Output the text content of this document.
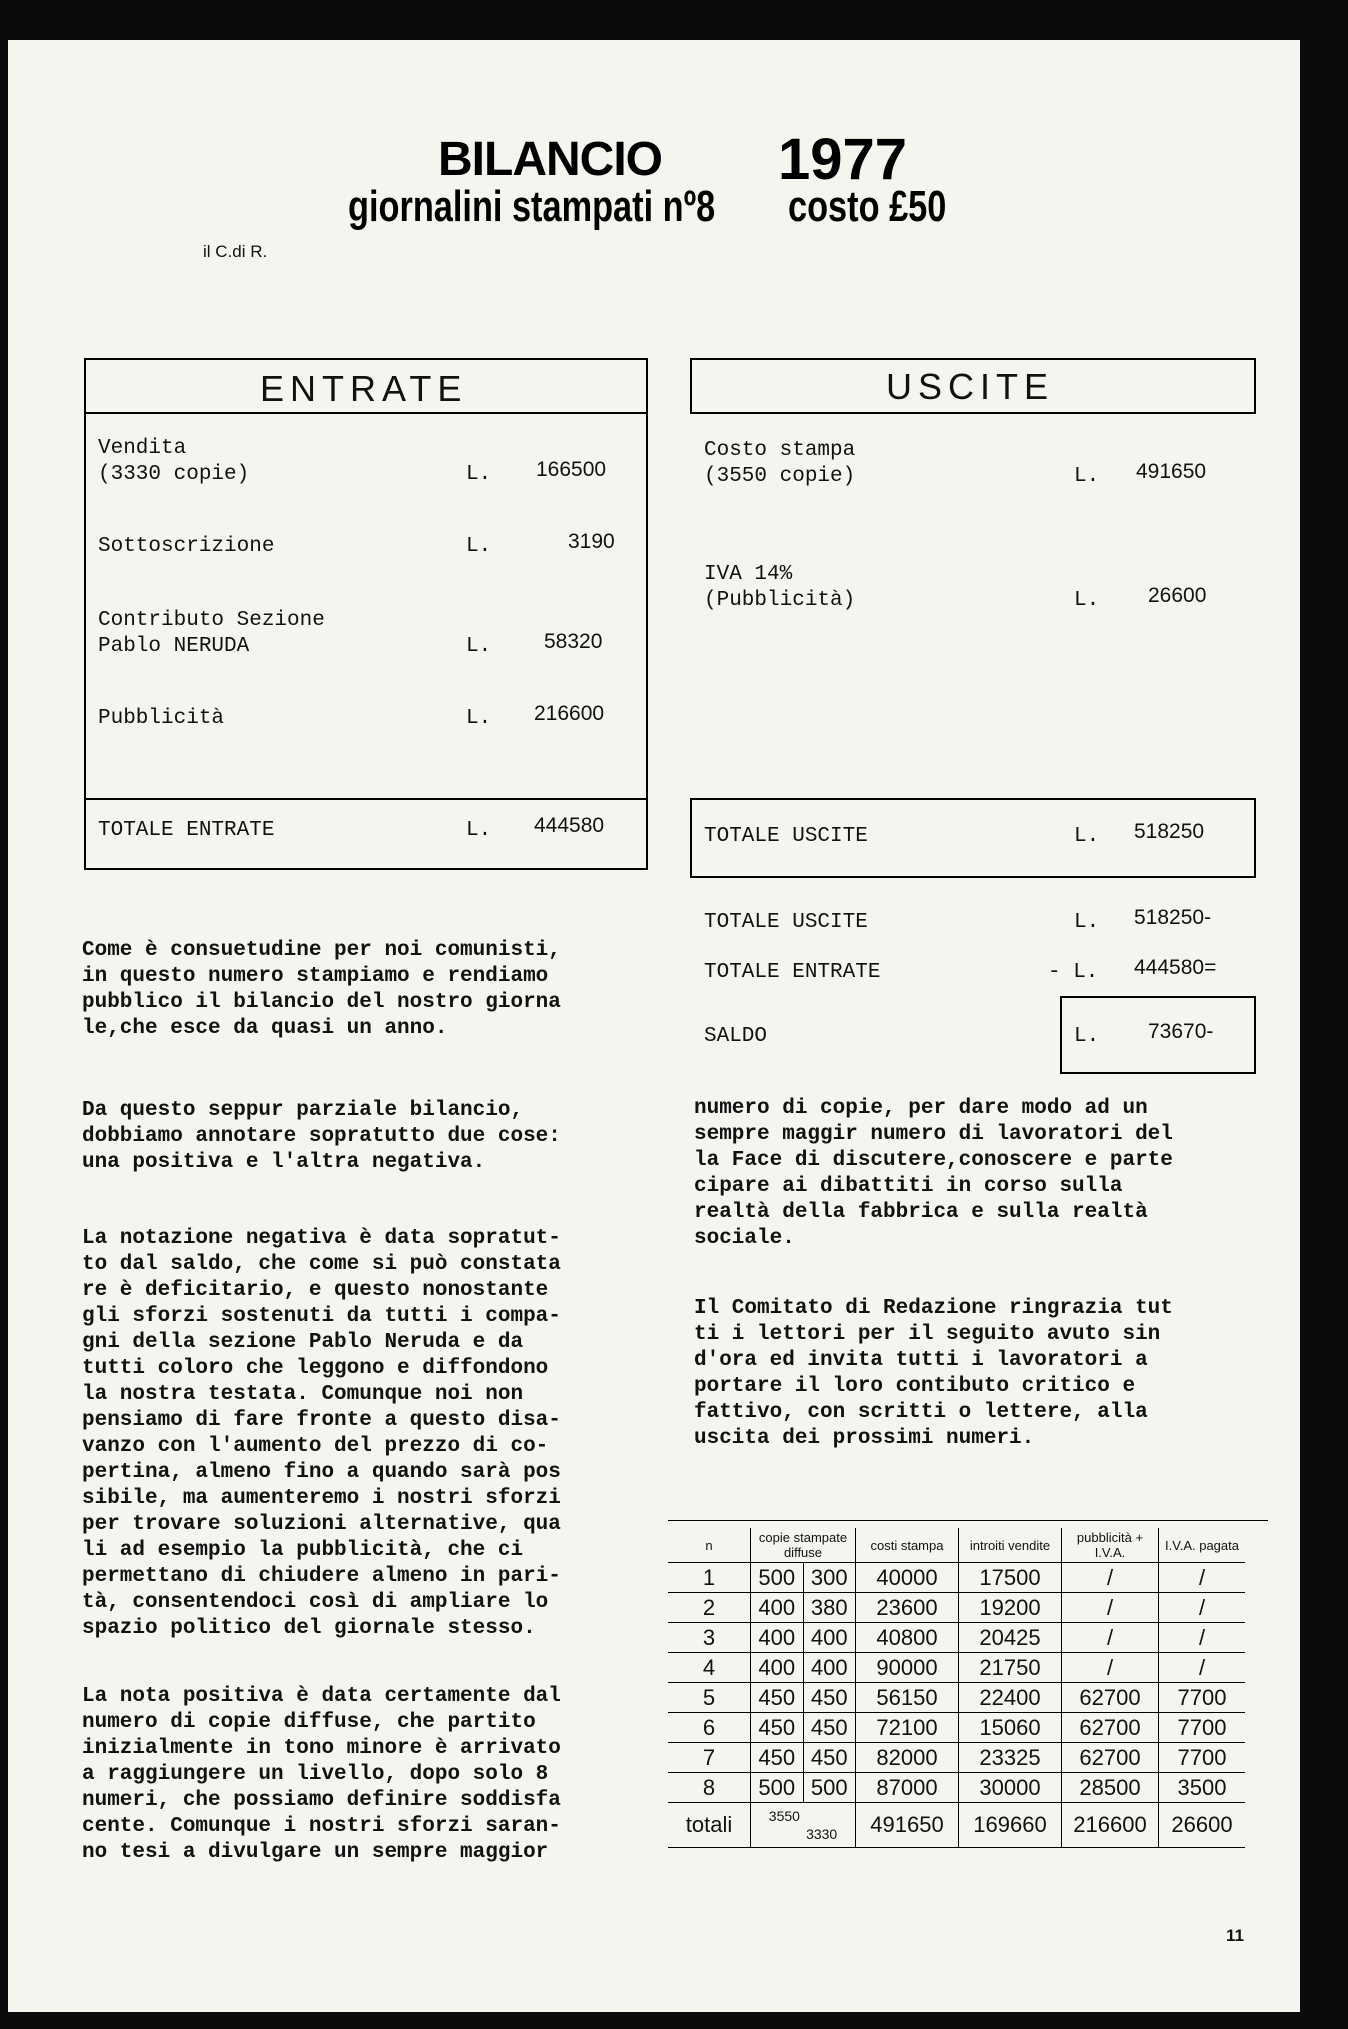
BILANCIO 1977
giornalini stampati nº8 costo £50
il C.di R.
ENTRATE
Vendita
(3330 copie)	L. 166500
Sottoscrizione	L.	3190
Contributo Sezione
Pablo NERUDA	L.	58320
Pubblicità	L. 216600
TOTALE ENTRATE	L. 444580
USCITE
Costo stampa
(3550 copie)	L. 491650
IVA 14%
(Pubblicità)	L. 26600
TOTALE USCITE	L. 518250
TOTALE USCITE	L. 518250-
TOTALE ENTRATE	- L. 444580=
SALDO	L. 73670-
Come è consuetudine per noi comunisti,
in questo numero stampiamo e rendiamo
pubblico il bilancio del nostro giorna
le,che esce da quasi un anno.
Da questo seppur parziale bilancio,
dobbiamo annotare sopratutto due cose:
una positiva e l'altra negativa.
La notazione negativa è data sopratut-
to dal saldo, che come si può constata
re è deficitario, e questo nonostante
gli sforzi sostenuti da tutti i compa-
gni della sezione Pablo Neruda e da
tutti coloro che leggono e diffondono
la nostra testata. Comunque noi non
pensiamo di fare fronte a questo disa-
vanzo con l'aumento del prezzo di co-
pertina, almeno fino a quando sarà pos
sibile, ma aumenteremo i nostri sforzi
per trovare soluzioni alternative, qua
li ad esempio la pubblicità, che ci
permettano di chiudere almeno in pari-
tà, consentendoci così di ampliare lo
spazio politico del giornale stesso.
La nota positiva è data certamente dal
numero di copie diffuse, che partito
inizialmente in tono minore è arrivato
a raggiungere un livello, dopo solo 8
numeri, che possiamo definire soddisfa
cente. Comunque i nostri sforzi saran-
no tesi a divulgare un sempre maggior
numero di copie, per dare modo ad un
sempre maggir numero di lavoratori del
la Face di discutere,conoscere e parte
cipare ai dibattiti in corso sulla
realtà della fabbrica e sulla realtà
sociale.
Il Comitato di Redazione ringrazia tut
ti i lettori per il seguito avuto sin
d'ora ed invita tutti i lavoratori a
portare il loro contibuto critico e
fattivo, con scritti o lettere, alla
uscita dei prossimi numeri.
n	copie stampate diffuse		costi stampa	introiti vendite	pubblicità + I.V.A.	I.V.A. pagata
1	500	300	40000	17500	/	/
2	400	380	23600	19200	/	/
3	400	400	40800	20425	/	/
4	400	400	90000	21750	/	/
5	450	450	56150	22400	62700	7700
6	450	450	72100	15060	62700	7700
7	450	450	82000	23325	62700	7700
8	500	500	87000	30000	28500	3500
totali	3550 3330		491650	169660	216600	26600
11
